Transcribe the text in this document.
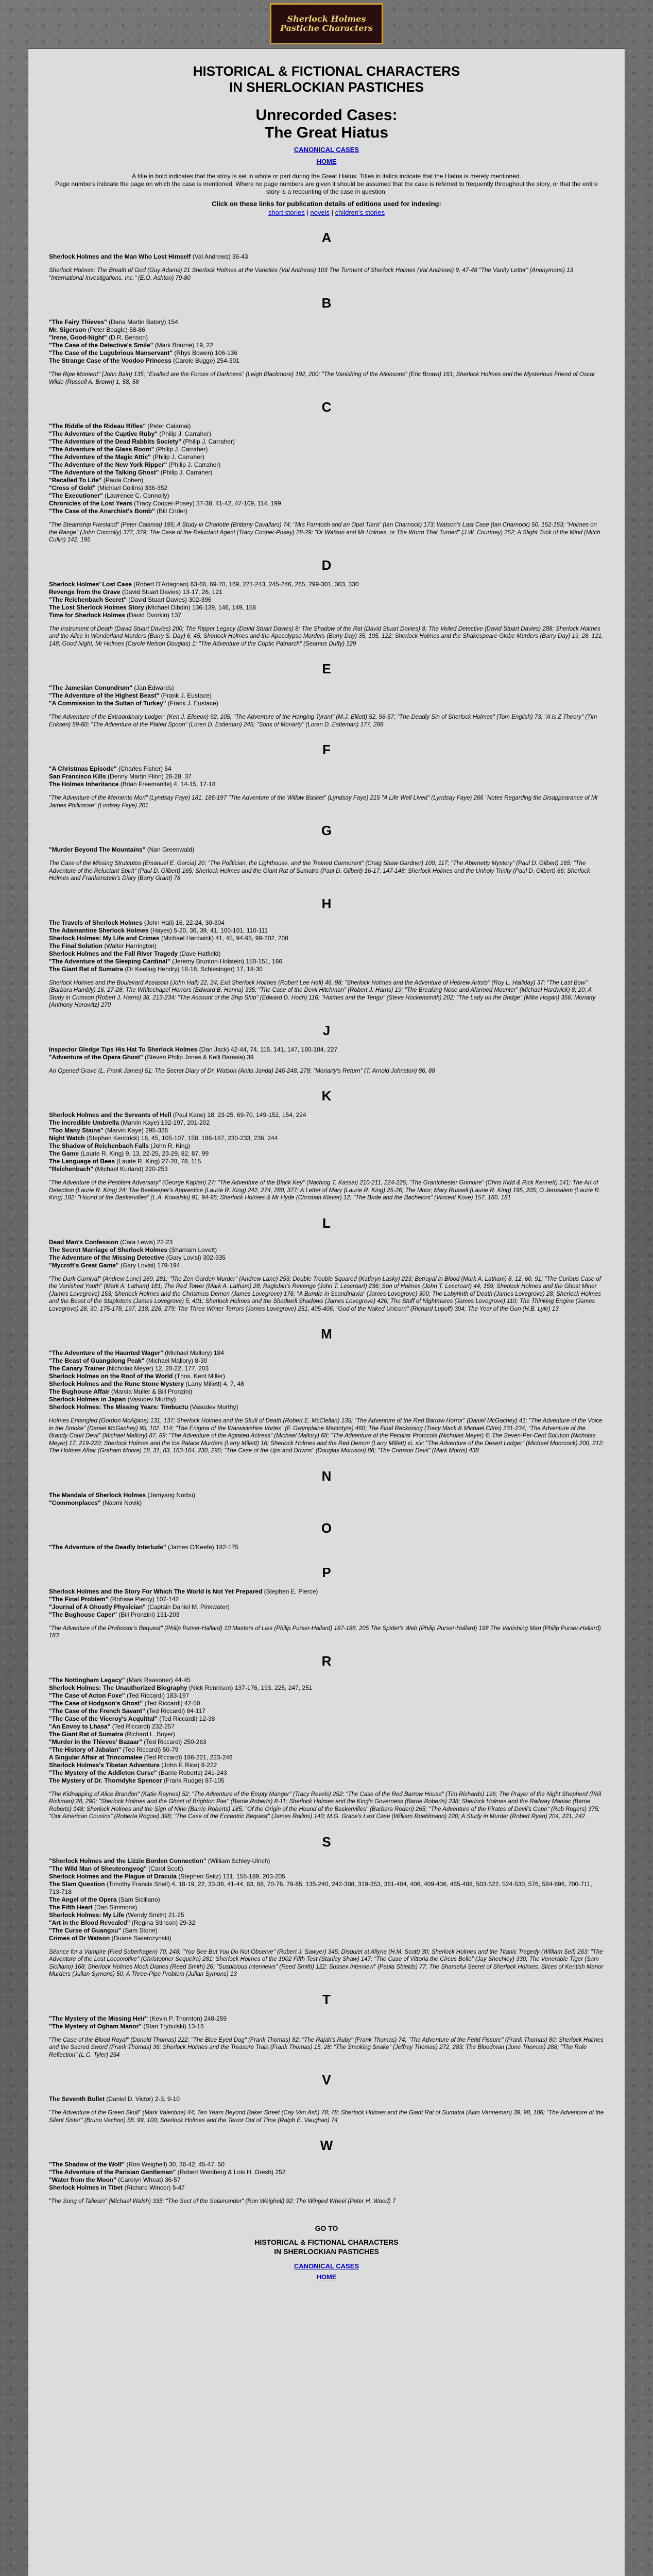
Sherlock Holmes
Pastiche Characters
HISTORICAL & FICTIONAL CHARACTERS
IN SHERLOCKIAN PASTICHES
Unrecorded Cases:
The Great Hiatus
CANONICAL CASES
HOME
A title in bold indicates that the story is set in whole or part during the Great Hiatus. Titles in italics indicate that the Hiatus is merely mentioned.
Page numbers indicate the page on which the case is mentioned. Where no page numbers are given it should be assumed that the case is referred to frequently throughout the story, or that the entire story is a recounting of the case in question.
Click on these links for publication details of editions used for indexing:
short stories | novels | children's stories
A
Sherlock Holmes and the Man Who Lost Himself (Val Andrews) 36-43
Sherlock Holmes: The Breath of God (Guy Adams) 21 Sherlock Holmes at the Varieties (Val Andrews) 103 The Torment of Sherlock Holmes (Val Andrews) 9, 47-48 "The Vanity Letter" (Anonymous) 13 "International Investigations, Inc." (E.O. Ashton) 79-80
B
"The Fairy Thieves" (Dana Martin Batory) 154
Mr. Sigerson (Peter Beagle) 58-86
"Irene, Good-Night" (D.R. Benson)
"The Case of the Detective's Smile" (Mark Bourne) 19, 22
"The Case of the Lugubrious Manservant" (Rhys Bowen) 106-136
The Strange Case of the Voodoo Princess (Carole Bugge) 254-301
"The Ripe Moment" (John Bain) 135; "Exalted are the Forces of Darkness" (Leigh Blackmore) 192, 200; "The Vanishing of the Atkinsons" (Eric Brown) 161; Sherlock Holmes and the Mysterious Friend of Oscar Wilde (Russell A. Brown) 1, 58, 58
C
"The Riddle of the Rideau Rifles" (Peter Calamai)
"The Adventure of the Captive Ruby" (Philip J. Carraher)
"The Adventure of the Dead Rabbits Society" (Philip J. Carraher)
"The Adventure of the Glass Room" (Philip J. Carraher)
"The Adventure of the Magic Attic" (Philip J. Carraher)
"The Adventure of the New York Ripper" (Philip J. Carraher)
"The Adventure of the Talking Ghost" (Philip J. Carraher)
"Recalled To Life" (Paula Cohen)
"Cross of Gold" (Michael Collins) 336-352
"The Executioner" (Lawrence C. Connolly)
Chronicles of the Lost Years (Tracy Cooper-Posey) 37-38, 41-42, 47-109, 114, 199
"The Case of the Anarchist's Bomb" (Bill Crider)
"The Steamship Friesland" (Peter Calamai) 195; A Study in Charlotte (Brittany Cavallaro) 74; "Mrs Farntosh and an Opal Tiara" (Ian Charnock) 173; Watson's Last Case (Ian Charnock) 50, 152-153; "Holmes on the Range" (John Connolly) 377, 379; The Case of the Reluctant Agent (Tracy Cooper-Posey) 28-29; "Dr Watson and Mr Holmes, or The Worm That Turned" (J.W. Courtney) 252; A Slight Trick of the Mind (Mitch Cullin) 142, 195
D
Sherlock Holmes' Lost Case (Robert D'Artagnan) 63-66, 69-70, 169, 221-243, 245-246, 265, 299-301, 303, 330
Revenge from the Grave (David Stuart Davies) 13-17, 26, 121
"The Reichenbach Secret" (David Stuart Davies) 302-396
The Lost Sherlock Holmes Story (Michael Dibdin) 136-139, 146, 149, 156
Time for Sherlock Holmes (David Dvorkin) 137
The Instrument of Death (David Stuart Davies) 200; The Ripper Legacy (David Stuart Davies) 8; The Shadow of the Rat (David Stuart Davies) 8; The Veiled Detective (David Stuart Davies) 288; Sherlock Holmes and the Alice in Wonderland Murders (Barry S. Day) 6, 45; Sherlock Holmes and the Apocalypse Murders (Barry Day) 35, 105, 122; Sherlock Holmes and the Shakespeare Globe Murders (Barry Day) 19, 28, 121, 148; Good Night, Mr Holmes (Carole Nelson Douglas) 1; "The Adventure of the Coptic Patriarch" (Seamus Duffy) 129
E
"The Jamesian Conundrum" (Jan Edwards)
"The Adventure of the Highest Beast" (Frank J. Eustace)
"A Commission to the Sultan of Turkey" (Frank J. Eustace)
"The Adventure of the Extraordinary Lodger" (Ken J. Eliseon) 92, 105; "The Adventure of the Hanging Tyrant" (M.J. Elliott) 52, 56-57; "The Deadly Sin of Sherlock Holmes" (Tom English) 73; "A is Z Theory" (Tim Eriksen) 59-60; "The Adventure of the Plated Spoon" (Loren D. Estleman) 245; "Sons of Moriarty" (Loren D. Estleman) 177, 288
F
"A Christmas Episode" (Charles Fisher) 64
San Francisco Kills (Denny Martin Flinn) 26-28, 37
The Holmes Inheritance (Brian Freemantle) 4, 14-15, 17-18
"The Adventure of the Memento Mori" (Lyndsay Faye) 181, 186-197 "The Adventure of the Willow Basket" (Lyndsay Faye) 215 "A Life Well Lived" (Lyndsay Faye) 266 "Notes Regarding the Disappearance of Mr James Phillimore" (Lindsay Faye) 201
G
"Murder Beyond The Mountains" (Nan Greenwald)
The Case of the Missing Strutcutos (Emanuel E. Garcia) 20; "The Politician, the Lighthouse, and the Trained Cormorant" (Craig Shaw Gardner) 100, 117; "The Abernetty Mystery" (Paul D. Gilbert) 165; "The Adventure of the Reluctant Spirit" (Paul D. Gilbert) 165; Sherlock Holmes and the Giant Rat of Sumatra (Paul D. Gilbert) 16-17, 147-148; Sherlock Holmes and the Unholy Trinity (Paul D. Gilbert) 66; Sherlock Holmes and Frankenstein's Diary (Barry Grant) 78
H
The Travels of Sherlock Holmes (John Hall) 16, 22-24, 30-304
The Adamantine Sherlock Holmes (Hayes) 5-20, 36, 39, 41, 100-101, 110-111
Sherlock Holmes: My Life and Crimes (Michael Hardwick) 41, 45, 94-95, 99-202, 208
The Final Solution (Walter Harrington)
Sherlock Holmes and the Fall River Tragedy (Dave Hatfield)
"The Adventure of the Sleeping Cardinal" (Jeremy Brunton-Holstein) 150-151, 166
The Giant Rat of Sumatra (Dr Keeling Hendry) 16-18, Schlesinger) 17, 18-30
Sherlock Holmes and the Boulevard Assassin (John Hall) 22, 24; Exit Sherlock Holmes (Robert Lee Hall) 46, 98; "Sherlock Holmes and the Adventure of Hebrew Artists" (Roy L. Halliday) 37; "The Last Bow" (Barbara Hambly) 16, 27-28; The Whitechapel Horrors (Edward B. Hanna) 335; "The Case of the Devil Hitchman" (Robert J. Harris) 19; "The Breaking Nose and Alarmed Mounter" (Michael Hardwick) 8; 20; A Study in Crimson (Robert J. Harris) 38, 213-234; "The Account of the Ship Ship" (Edward D. Hoch) 116; "Holmes and the Tengu" (Steve Hockensmith) 202; "The Lady on the Bridge" (Mike Hogan) 356; Moriarty (Anthony Horowitz) 270
J
Inspector Gledge Tips His Hat To Sherlock Holmes (Dan Jack) 42-44, 74, 115, 141, 147, 180-184, 227
"Adventure of the Opera Ghost" (Steven Philip Jones & Kelli Barasia) 39
An Opened Grave (L. Frank James) 51; The Secret Diary of Dr. Watson (Anita Janda) 246-248, 278; "Moriarty's Return" (T. Arnold Johnston) 86, 88
K
Sherlock Holmes and the Servants of Hell (Paul Kane) 18, 23-25, 69-70, 149-152, 154, 224
The Incredible Umbrella (Marvin Kaye) 192-197, 201-202
"Too Many Stains" (Marvin Kaye) 295-326
Night Watch (Stephen Kendrick) 16, 45, 105-107, 158, 186-187, 230-233, 236, 244
The Shadow of Reichenbach Falls (John R. King)
The Game (Laurie R. King) 9, 13, 22-25, 23-29, 82, 87, 99
The Language of Bees (Laurie R. King) 27-28, 78, 115
"Reichenbach" (Michael Kurland) 220-253
"The Adventure of the Pestilent Adversary" (George Kaplan) 27; "The Adventure of the Black Key" (Nachiog T. Kassai) 210-211, 224-225; "The Grantchester Grimoire" (Chris Kidd & Rick Kennett) 141; The Art of Detection (Laurie R. King) 24; The Beekeeper's Apprentice (Laurie R. King) 242, 274, 280, 377; A Letter of Mary (Laurie R. King) 25-26; The Moor; Mary Russell (Laurie R. King) 195, 205; O Jerusalem (Laurie R. King) 182; "Hound of the Baskervilles" (L.A. Kowalski) 91, 94-95; Sherlock Holmes & Mr Hyde (Christian Klaver) 12; "The Bride and the Bachelors" (Vincent Kove) 157, 160, 181
L
Dead Man's Confession (Cara Lewis) 22-23
The Secret Marriage of Sherlock Holmes (Sharriam Lovett)
The Adventure of the Missing Detective (Gary Lovisi) 302-335
"Mycroft's Great Game" (Gary Lovisi) 179-194
"The Dark Carnival" (Andrew Lane) 269, 281; "The Zen Garden Murder" (Andrew Lane) 253; Double Trouble Squared (Kathryn Lasky) 223; Betrayal in Blood (Mark A. Latham) 8, 12, 60, 91; "The Curious Case of the Vanished Youth" (Mark A. Latham) 181; The Red Tower (Mark A. Latham) 28; Raglubin's Revenge (John T. Lescroart) 236; Son of Holmes (John T. Lescroart) 44, 159; Sherlock Holmes and the Ghost Miner (James Lovegrove) 153; Sherlock Holmes and the Christmas Demon (James Lovegrove) 176; "A Bundle in Scandinavia" (James Lovegrove) 300; The Labyrinth of Death (James Lovegrove) 28; Sherlock Holmes and the Beast of the Stapletons (James Lovegrove) 5, 401; Sherlock Holmes and the Shadwell Shadows (James Lovegrove) 426; The Stuff of Nightmares (James Lovegrove) 110; The Thinking Engine (James Lovegrove) 28, 30, 175-178, 197, 218, 226, 279; The Three Winter Terrors (James Lovegrove) 251, 405-406; "God of the Naked Unicorn" (Richard Lupoff) 304; The Year of the Gun (H.B. Lyle) 13
M
"The Adventure of the Haunted Wager" (Michael Mallory) 184
"The Beast of Guangdong Peak" (Michael Mallory) 8-30
The Canary Trainer (Nicholas Meyer) 12, 20-22, 177, 203
Sherlock Holmes on the Roof of the World (Thos. Kent Miller)
Sherlock Holmes and the Rune Stone Mystery (Larry Millett) 4, 7, 48
The Bughouse Affair (Marcia Muller & Bill Pronzini)
Sherlock Holmes in Japan (Vasudev Murthy)
Sherlock Holmes: The Missing Years: Timbuctu (Vasudev Murthy)
Holmes Entangled (Gordon McAlpine) 131, 137; Sherlock Holmes and the Skull of Death (Robert E. McClellan) 135; "The Adventure of the Red Barrow Horror" (Daniel McGachey) 41; "The Adventure of the Voice in the Smoke" (Daniel McGachey) 95, 102, 114; "The Enigma of the Warwickshire Vortex" (F. Gwynplaine MacIntyre) 460; The Final Reckoning (Tracy Mack & Michael Citrin) 231-234; "The Adventure of the Brandy Court Devil" (Michael Mallory) 87, 89; "The Adventure of the Agitated Actress" (Michael Mallory) 68; "The Adventure of the Peculiar Protocols (Nicholas Meyer) 6; The Seven-Per-Cent Solution (Nicholas Meyer) 17, 219-220; Sherlock Holmes and the Ice Palace Murders (Larry Millett) 16; Sherlock Holmes and the Red Demon (Larry Millett) xi, xiv; "The Adventure of the Desert Lodger" (Michael Moorcock) 200, 212; The Holmes Affair (Graham Moore) 18, 31, 83, 163-164, 230, 295; "The Case of the Ups and Downs" (Douglas Morrison) 86; "The Crimson Devil" (Mark Morris) 438
N
The Mandala of Sherlock Holmes (Jamyang Norbu)
"Commonplaces" (Naomi Novik)
O
"The Adventure of the Deadly Interlude" (James O'Keefe) 182-175
P
Sherlock Holmes and the Story For Which The World Is Not Yet Prepared (Stephen E. Pierce)
"The Final Problem" (Rohase Piercy) 107-142
"Journal of A Ghostly Physician" (Captain Daniel M. Pinkwater)
"The Bughouse Caper" (Bill Pronzini) 131-203
"The Adventure of the Professor's Bequest" (Philip Purser-Hallard) 10 Masters of Lies (Philip Purser-Hallard) 187-188, 205 The Spider's Web (Philip Purser-Hallard) 198 The Vanishing Man (Philip Purser-Hallard) 183
R
"The Nottingham Legacy" (Mark Reasoner) 44-45
Sherlock Holmes: The Unauthorized Biography (Nick Rennison) 137-176, 193, 225, 247, 251
"The Case of Acton Foxe" (Ted Riccardi) 183-197
"The Case of Hodgson's Ghost" (Ted Riccardi) 42-50
"The Case of the French Savant" (Ted Riccardi) 84-117
"The Case of the Viceroy's Acquittal" (Ted Riccardi) 12-38
"An Envoy to Lhasa" (Ted Riccardi) 232-257
The Giant Rat of Sumatra (Richard L. Boyer)
"Murder in the Thieves' Bazaar" (Ted Riccardi) 250-263
"The History of Jabalan" (Ted Riccardi) 50-79
A Singular Affair at Trincomalee (Ted Riccardi) 186-221, 223-246
Sherlock Holmes's Tibetan Adventure (John F. Rice) 8-222
"The Mystery of the Addleton Curse" (Barrie Roberts) 241-243
The Mystery of Dr. Thorndyke Spencer (Frank Rudge) 87-105
"The Kidnapping of Alice Brandon" (Katie Raynes) 52; "The Adventure of the Empty Manger" (Tracy Revels) 252; "The Case of the Red Barrow House" (Tim Richards) 196; The Prayer of the Night Shepherd (Phil Rickman) 28, 290; "Sherlock Holmes and the Ghost of Brighton Pier" (Barrie Roberts) 8-11; Sherlock Holmes and the King's Governess (Barrie Roberts) 238; Sherlock Holmes and the Railway Maniac (Barrie Roberts) 148; Sherlock Holmes and the Sign of Nine (Barrie Roberts) 185; "Of the Origin of the Hound of the Baskervilles" (Barbara Roden) 265; "The Adventure of the Pirates of Devil's Cape" (Rob Rogers) 375; "Our American Cousins" (Roberta Rogow) 398; "The Case of the Eccentric Bequest" (James Rollins) 140; M.G. Grace's Last Case (William Ruehlmann) 220; A Study in Murder (Robert Ryan) 204, 221, 242
S
"Sherlock Holmes and the Lizzie Borden Connection" (William Schley-Ulrich)
"The Wild Man of Sheuteongvog" (Carol Scott)
Sherlock Holmes and the Plague of Dracula (Stephen Seitz) 131, 155-189, 203-205
The Slam Question (Timothy Francis Shell) 4, 18-19, 22, 33-38, 41-44, 63, 68, 70-76, 79-85, 135-240, 242-308, 319-353, 361-404, 406, 409-436, 465-488, 503-522, 524-530, 576, 584-696, 700-711, 713-718
The Angel of the Opera (Sam Siciliano)
The Fifth Heart (Dan Simmons)
Sherlock Holmes: My Life (Wendy Smith) 21-25
"Art in the Blood Revealed" (Regina Stinson) 29-32
"The Curse of Guangxu" (Sam Stone)
Crimes of Dr Watson (Duane Swierczynski)
Séance for a Vampire (Fred Saberhagen) 70, 248; "You See But You Do Not Observe" (Robert J. Sawyer) 345; Disquiet at Allyne (H.M. Scott) 30; Sherlock Holmes and the Titanic Tragedy (William Seil) 263; "The Adventure of the Lost Locomotive" (Christopher Sequeira) 281; Sherlock Holmes of the 1902 Fifth Test (Stanley Shaw) 147; "The Case of Vittoria the Circus Belle" (Jay Shechley) 330; The Venerable Tiger (Sam Siciliano) 168; Sherlock Holmes Mock Diaries (Reed Smith) 26; "Suspicious Interviews" (Reed Smith) 122; Sussex Interview" (Paula Shields) 77; The Shameful Secret of Sherlock Holmes: Slices of Kentish Manor Murders (Julian Symons) 50; A Three-Pipe Problem (Julian Symons) 13
T
"The Mystery of the Missing Heir" (Kevin P. Thornton) 248-259
"The Mystery of Ogham Manor" (Stan Trybulski) 13-16
"The Case of the Blood Royal" (Donald Thomas) 222; "The Blue Eyed Dog" (Frank Thomas) 82; "The Rajah's Ruby" (Frank Thomas) 74; "The Adventure of the Fetid Fissure" (Frank Thomas) 80; Sherlock Holmes and the Sacred Sword (Frank Thomas) 36; Sherlock Holmes and the Treasure Train (Frank Thomas) 15, 28; "The Smoking Snake" (Jeffrey Thomas) 272, 283; The Bloodman (June Thomas) 288; "The Rale Reflection" (L.C. Tyler) 254
V
The Seventh Bullet (Daniel D. Victor) 2-3, 9-10
"The Adventure of the Green Skull" (Mark Valentine) 44; Ten Years Beyond Baker Street (Cay Van Ash) 78; 78; Sherlock Holmes and the Giant Rat of Sumatra (Alan Vanneman) 39, 98, 106; "The Adventure of the Silent Sister" (Bruno Vachon) 58, 99, 100; Sherlock Holmes and the Terror Out of Time (Ralph E. Vaughan) 74
W
"The Shadow of the Wolf" (Ron Weighell) 30, 36-42, 45-47, 50
"The Adventure of the Parisian Gentleman" (Robert Weinberg & Lois H. Gresh) 252
"Water from the Moon" (Carolyn Wheat) 36-57
Sherlock Holmes in Tibet (Richard Wincor) 5-47
"The Song of Taliesin" (Michael Walsh) 335; "The Sect of the Salamander" (Ron Weighell) 92; The Winged Wheel (Peter H. Wood) 7
GO TO
HISTORICAL & FICTIONAL CHARACTERS
IN SHERLOCKIAN PASTICHES
CANONICAL CASES
HOME
